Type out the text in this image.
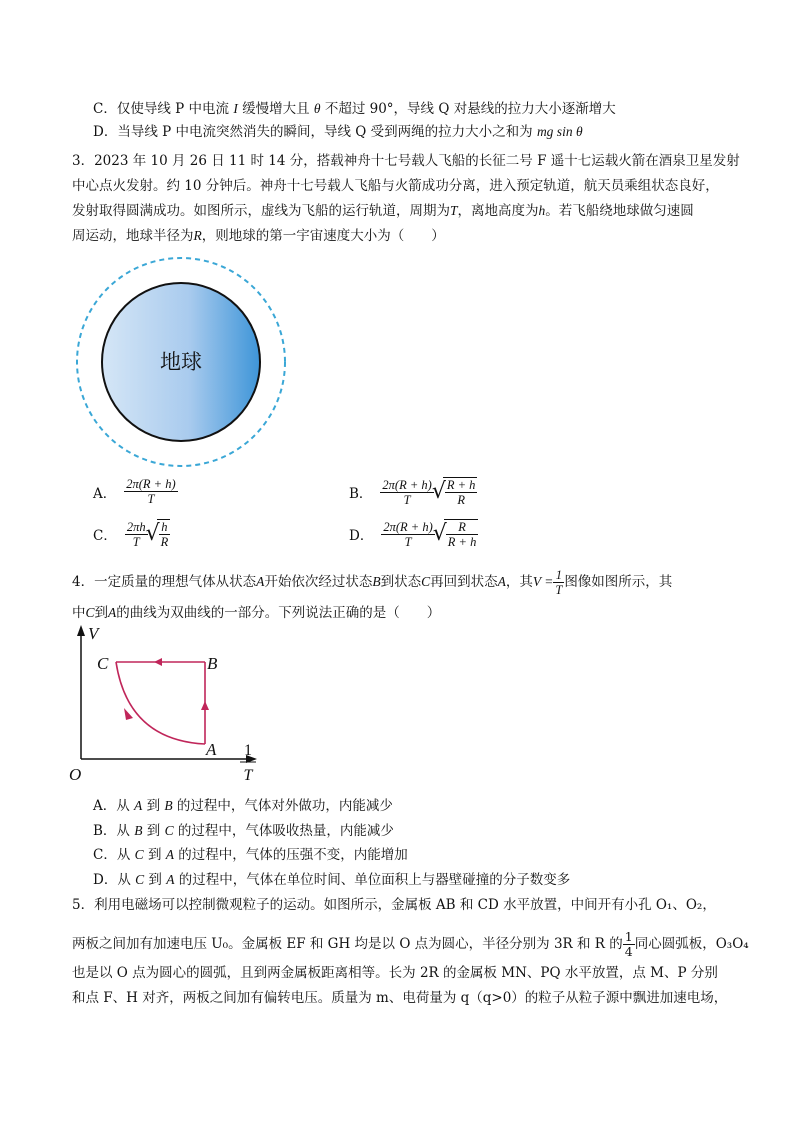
C．仅使导线 P 中电流 I 缓慢增大且 θ 不超过 90°，导线 Q 对悬线的拉力大小逐渐增大
D．当导线 P 中电流突然消失的瞬间，导线 Q 受到两绳的拉力大小之和为 mg sin θ
3．2023 年 10 月 26 日 11 时 14 分，搭载神舟十七号载人飞船的长征二号 F 遥十七运载火箭在酒泉卫星发射
中心点火发射。约 10 分钟后。神舟十七号载人飞船与火箭成功分离，进入预定轨道，航天员乘组状态良好，
发射取得圆满成功。如图所示，虚线为飞船的运行轨道，周期为T，离地高度为h。若飞船绕地球做匀速圆
周运动，地球半径为R，则地球的第一宇宙速度大小为（　　）
地球
A． $\frac{2\pi(R + h)}{T}$	B． $\frac{2\pi(R + h)}{T}$ √ $\frac{R + h}{R}$
C． $\frac{2\pi h}{T}$ √ $\frac{h}{R}$	D． $\frac{2\pi(R + h)}{T}$ √ $\frac{R}{R + h}$
4．一定质量的理想气体从状态A开始依次经过状态B到状态C再回到状态A，其$V = \frac{1}{T}$ 图像如图所示，其
中C到A的曲线为双曲线的一部分。下列说法正确的是（　　）
V
O
1
T
C	B
A
A．从 A 到 B 的过程中，气体对外做功，内能减少
B．从 B 到 C 的过程中，气体吸收热量，内能减少
C．从 C 到 A 的过程中，气体的压强不变，内能增加
D．从 C 到 A 的过程中，气体在单位时间、单位面积上与器壁碰撞的分子数变多
5．利用电磁场可以控制微观粒子的运动。如图所示，金属板 AB 和 CD 水平放置，中间开有小孔 O₁、O₂，
两板之间加有加速电压 U₀。金属板 EF 和 GH 均是以 O 点为圆心，半径分别为 3R 和 R 的 $\frac{1}{4}$ 同心圆弧板，O₃O₄
也是以 O 点为圆心的圆弧，且到两金属板距离相等。长为 2R 的金属板 MN、PQ 水平放置，点 M、P 分别
和点 F、H 对齐，两板之间加有偏转电压。质量为 m、电荷量为 q（q>0）的粒子从粒子源中飘进加速电场，
